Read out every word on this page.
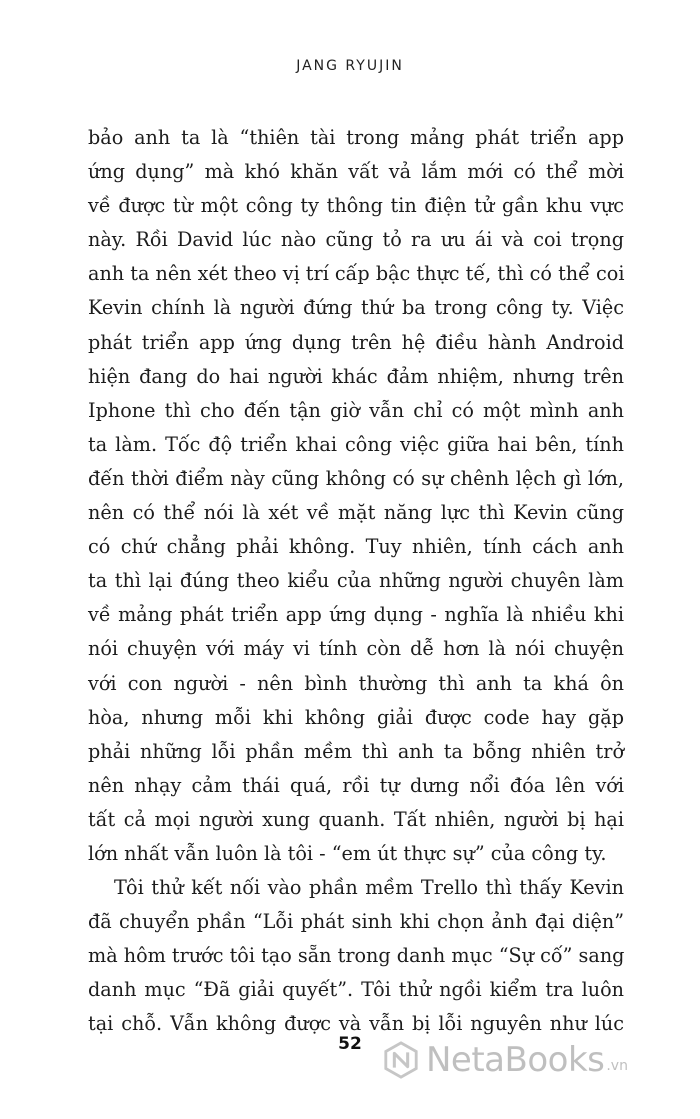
JANG RYUJIN
bảo anh ta là “thiên tài trong mảng phát triển app
ứng dụng” mà khó khăn vất vả lắm mới có thể mời
về được từ một công ty thông tin điện tử gần khu vực
này. Rồi David lúc nào cũng tỏ ra ưu ái và coi trọng
anh ta nên xét theo vị trí cấp bậc thực tế, thì có thể coi
Kevin chính là người đứng thứ ba trong công ty. Việc
phát triển app ứng dụng trên hệ điều hành Android
hiện đang do hai người khác đảm nhiệm, nhưng trên
Iphone thì cho đến tận giờ vẫn chỉ có một mình anh
ta làm. Tốc độ triển khai công việc giữa hai bên, tính
đến thời điểm này cũng không có sự chênh lệch gì lớn,
nên có thể nói là xét về mặt năng lực thì Kevin cũng
có chứ chẳng phải không. Tuy nhiên, tính cách anh
ta thì lại đúng theo kiểu của những người chuyên làm
về mảng phát triển app ứng dụng - nghĩa là nhiều khi
nói chuyện với máy vi tính còn dễ hơn là nói chuyện
với con người - nên bình thường thì anh ta khá ôn
hòa, nhưng mỗi khi không giải được code hay gặp
phải những lỗi phần mềm thì anh ta bỗng nhiên trở
nên nhạy cảm thái quá, rồi tự dưng nổi đóa lên với
tất cả mọi người xung quanh. Tất nhiên, người bị hại
lớn nhất vẫn luôn là tôi - “em út thực sự” của công ty.
Tôi thử kết nối vào phần mềm Trello thì thấy Kevin
đã chuyển phần “Lỗi phát sinh khi chọn ảnh đại diện”
mà hôm trước tôi tạo sẵn trong danh mục “Sự cố” sang
danh mục “Đã giải quyết”. Tôi thử ngồi kiểm tra luôn
tại chỗ. Vẫn không được và vẫn bị lỗi nguyên như lúc
52	NetaBooks .vn
